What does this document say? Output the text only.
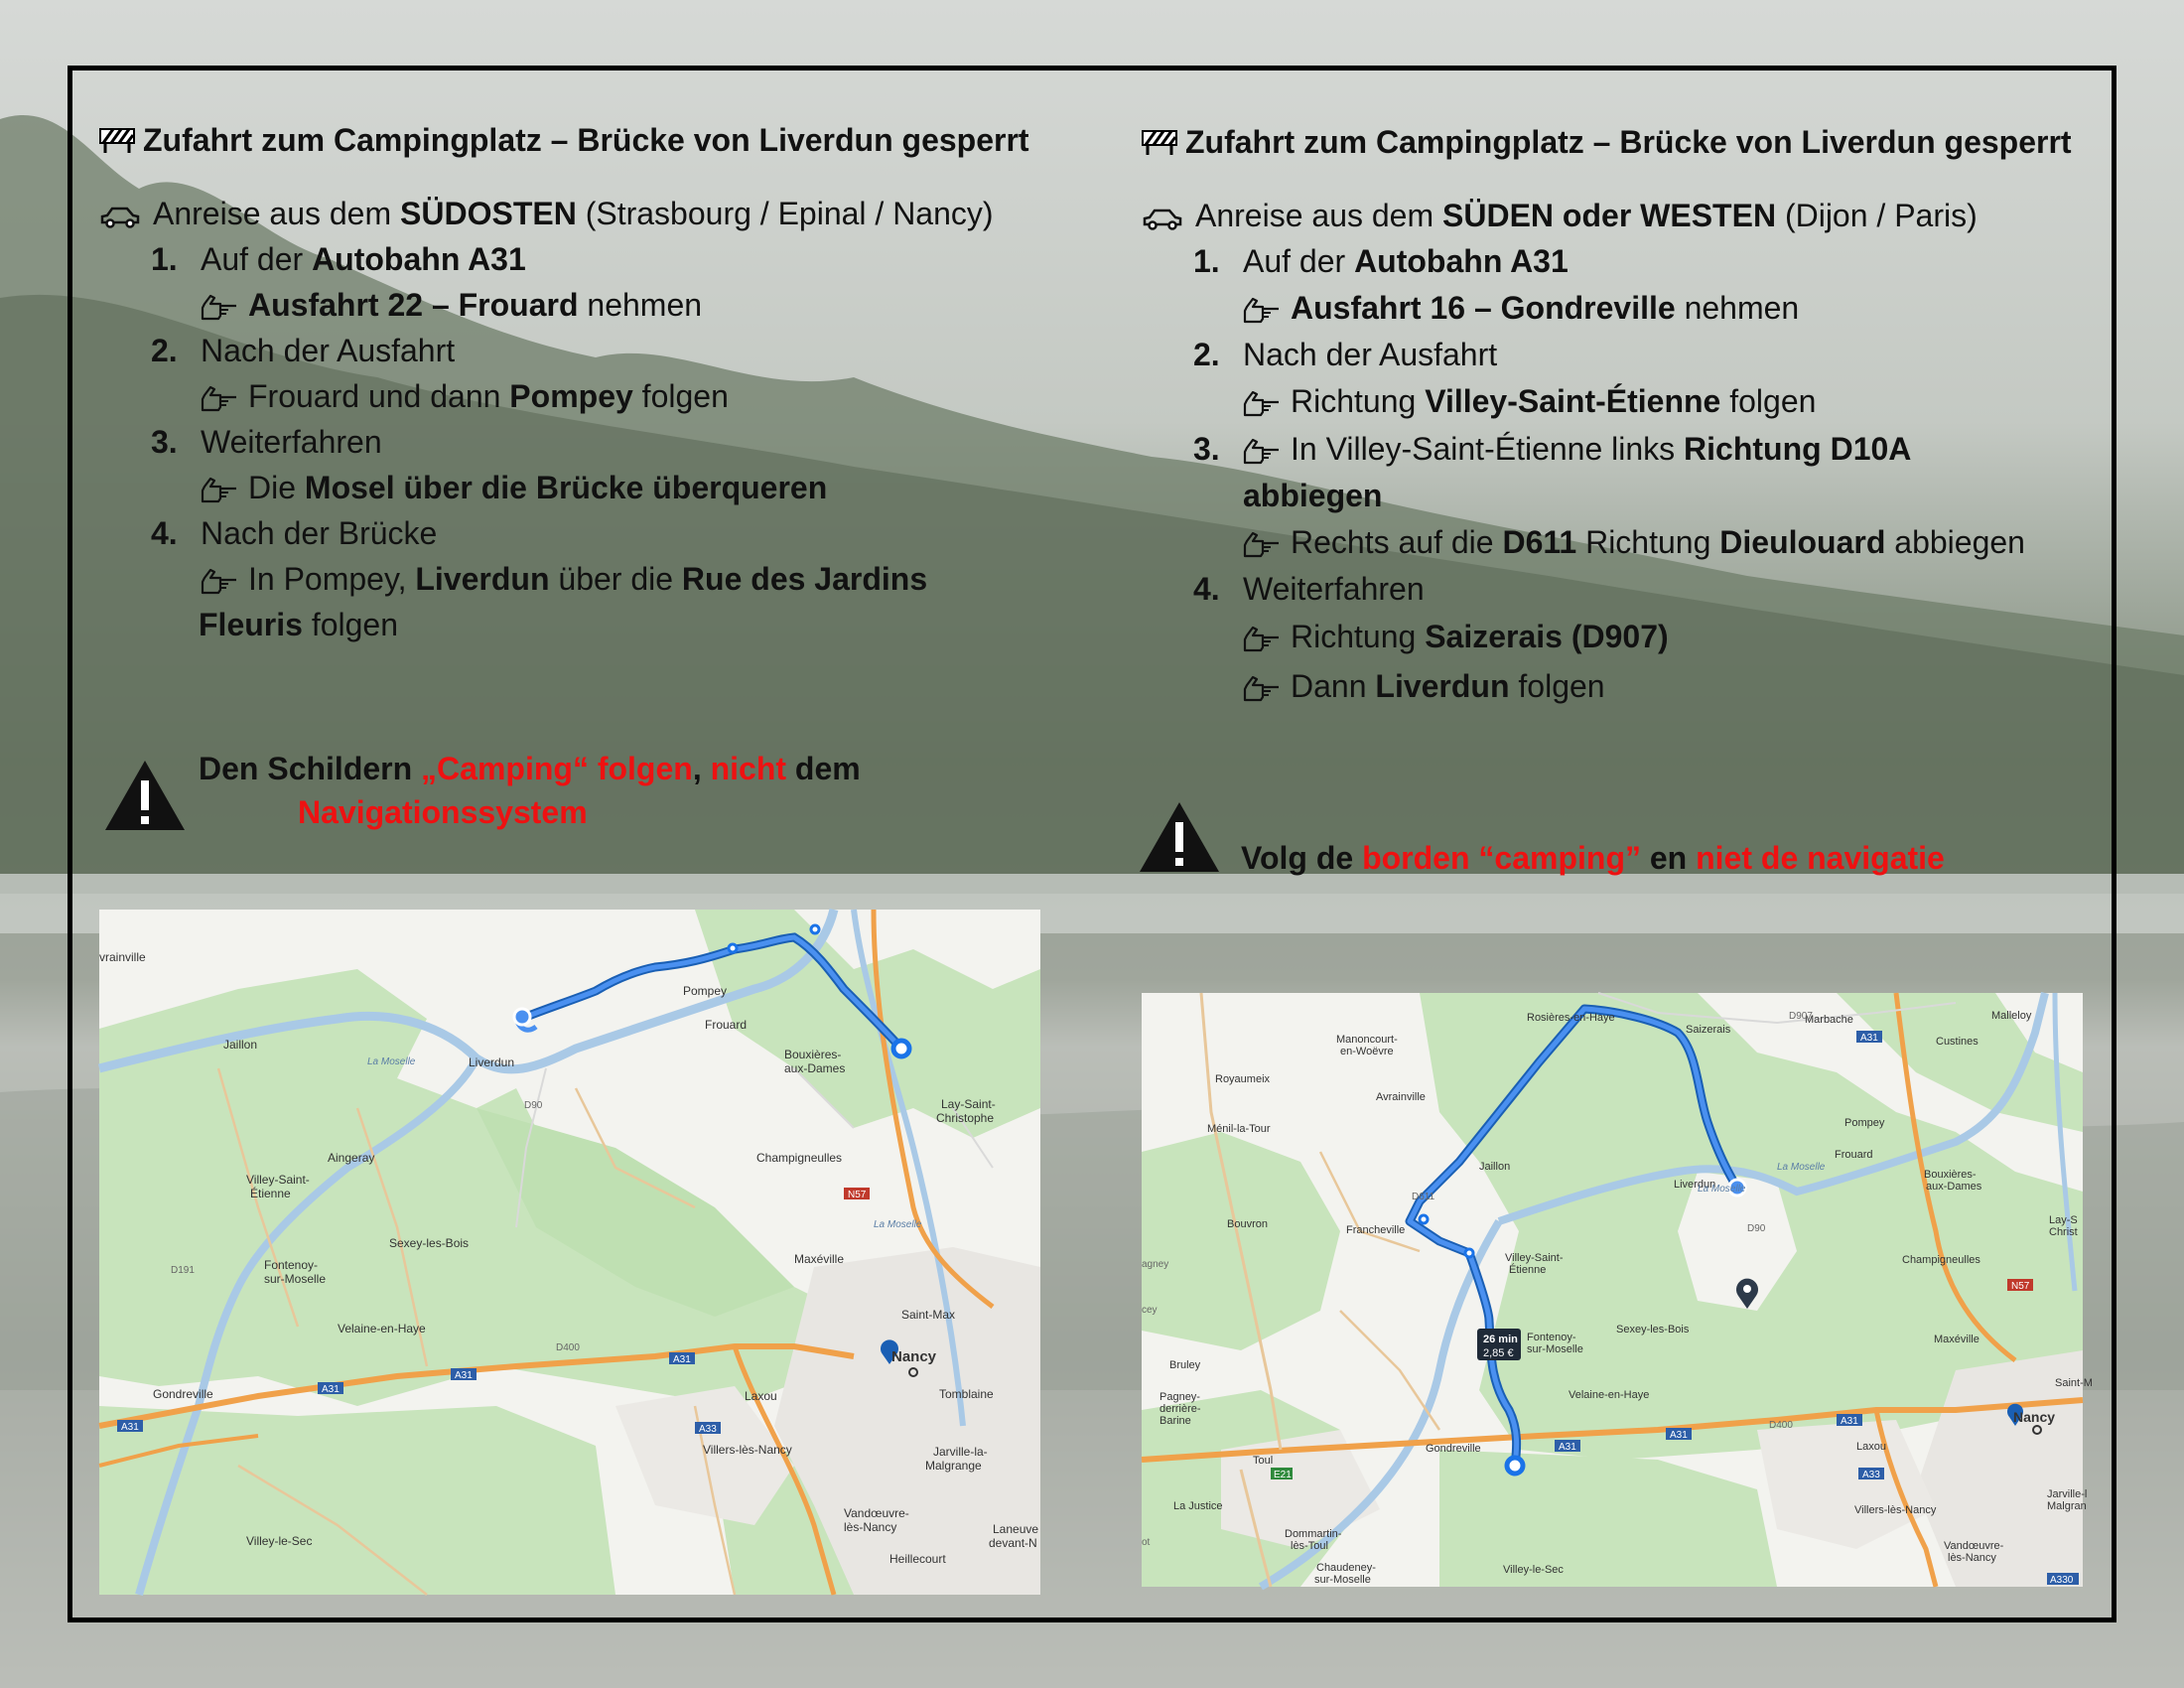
Zufahrt zum Campingplatz – Brücke von Liverdun gesperrt
Anreise aus dem SÜDOSTEN (Strasbourg / Epinal / Nancy)
1. Auf der Autobahn A31
Ausfahrt 22 – Frouard nehmen
2. Nach der Ausfahrt
Frouard und dann Pompey folgen
3. Weiterfahren
Die Mosel über die Brücke überqueren
4. Nach der Brücke
In Pompey, Liverdun über die Rue des Jardins
Fleuris folgen
Den Schildern „Camping“ folgen, nicht dem
Navigationssystem
Zufahrt zum Campingplatz – Brücke von Liverdun gesperrt
Anreise aus dem SÜDEN oder WESTEN (Dijon / Paris)
1. Auf der Autobahn A31
Ausfahrt 16 – Gondreville nehmen
2. Nach der Ausfahrt
Richtung Villey-Saint-Étienne folgen
3. In Villey-Saint-Étienne links Richtung D10A
abbiegen
Rechts auf die D611 Richtung Dieulouard abbiegen
4. Weiterfahren
Richtung Saizerais (D907)
Dann Liverdun folgen
Volg de borden “camping” en niet de navigatie
Pompey
Frouard
Liverdun
Bouxières-
aux-Dames
Lay-Saint-
Christophe
Jaillon
Aingeray
Villey-Saint-
Étienne
Champigneulles
Maxéville
Saint-Max
Nancy
Sexey-les-Bois
Fontenoy-
sur-Moselle
Velaine-en-Haye
Gondreville	Laxou	Tomblaine
Villers-lès-Nancy	Jarville-la-
Malgrange
Vandœuvre-
lès-Nancy	Laneuve
devant-N
Heillecourt
Villey-le-Sec
vrainville
A31
A31
A31
A31	A33
N57
D90
D191
D400
La Moselle
La Moselle
26 min
2,85 €
Rosières-en-Haye
Saizerais
Marbache
Custines
Malleloy
Manoncourt-
en-Woëvre
Royaumeix
Avrainville
Ménil-la-Tour
Jaillon
Liverdun
Pompey
Frouard
Bouxières-
aux-Dames
Lay-S
Christ
Bouvron	Francheville
Villey-Saint-
Étienne
Champigneulles
Fontenoy-
sur-Moselle
Sexey-les-Bois
Maxéville
Bruley
Pagney-
derrière-
Barine
Velaine-en-Haye
Saint-M
Nancy
Toul
Gondreville	Laxou
La Justice
Dommartin-
lès-Toul
Villers-lès-Nancy
Jarville-l
Malgran
Vandœuvre-
lès-Nancy
Chaudeney-
sur-Moselle
Villey-le-Sec
A31
A31
A31
A31
A33
A330
N57
E21
D400
D907
D611
D90
La Moselle
La Moselle
agney
cey
ot
